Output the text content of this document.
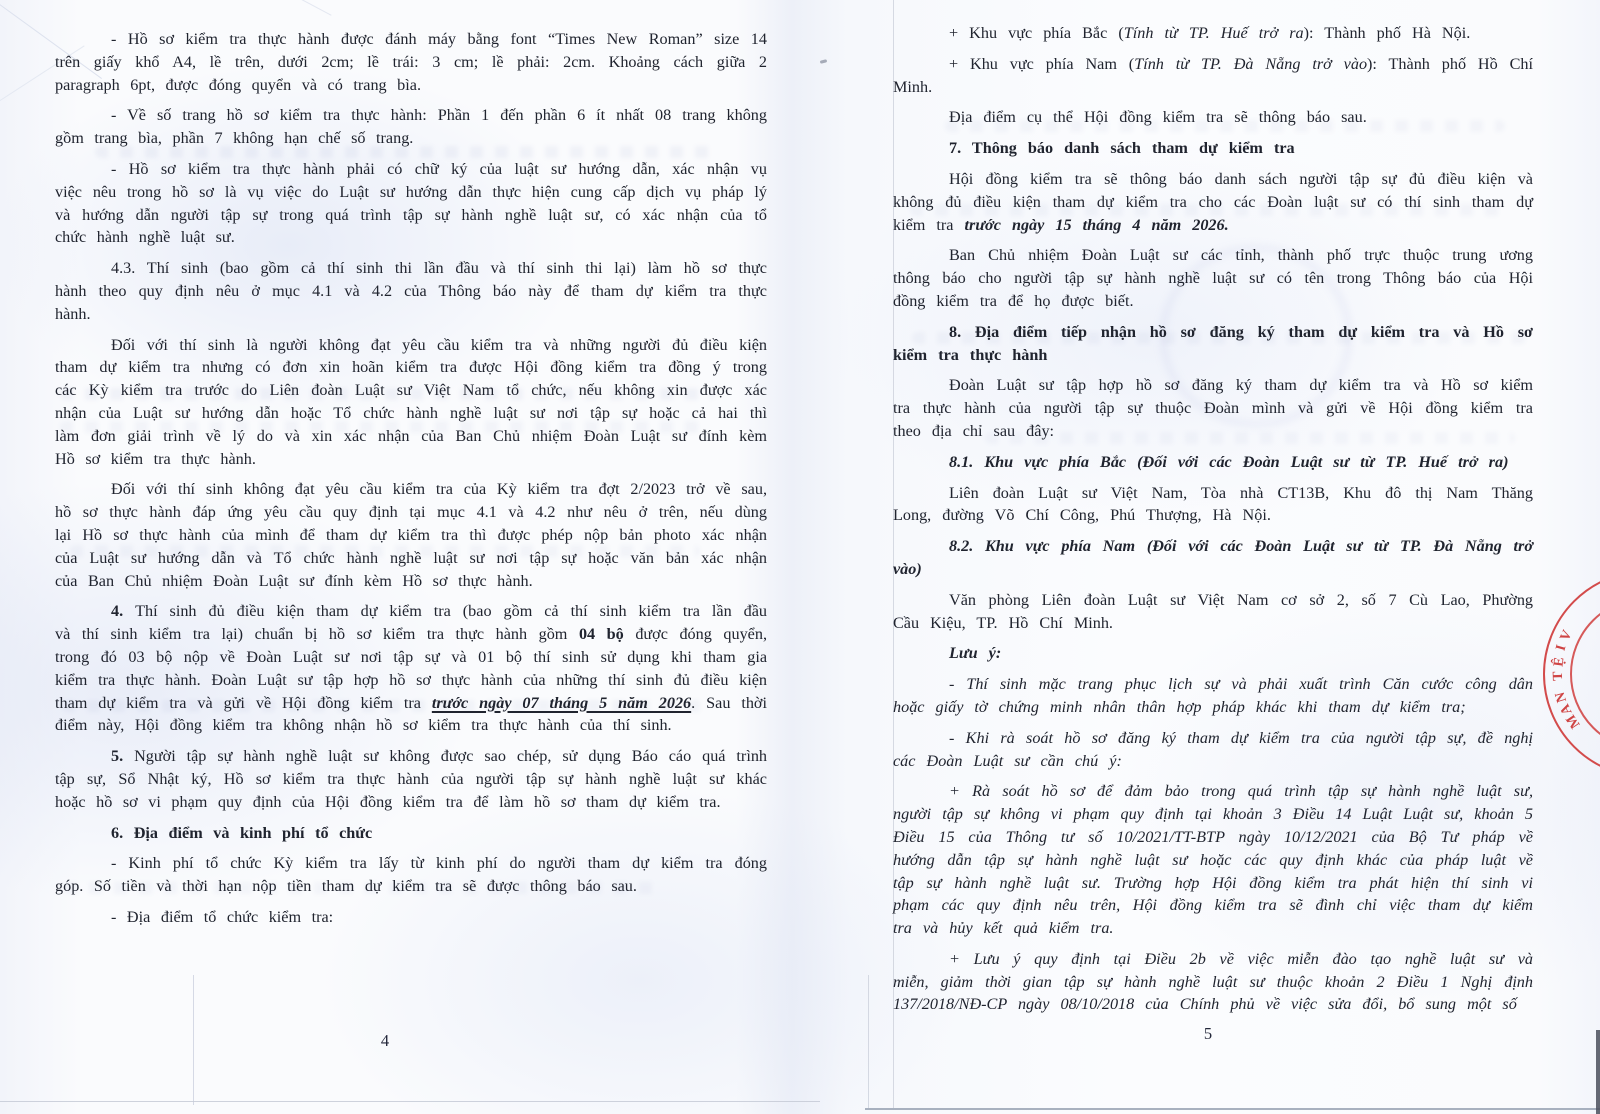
- Hồ sơ kiểm tra thực hành được đánh máy bằng font “Times New Roman” size 14 trên giấy khổ A4, lề trên, dưới 2cm; lề trái: 3 cm; lề phải: 2cm. Khoảng cách giữa 2 paragraph 6pt, được đóng quyển và có trang bìa.

- Về số trang hồ sơ kiểm tra thực hành: Phần 1 đến phần 6 ít nhất 08 trang không gồm trang bìa, phần 7 không hạn chế số trang.

- Hồ sơ kiểm tra thực hành phải có chữ ký của luật sư hướng dẫn, xác nhận vụ việc nêu trong hồ sơ là vụ việc do Luật sư hướng dẫn thực hiện cung cấp dịch vụ pháp lý và hướng dẫn người tập sự trong quá trình tập sự hành nghề luật sư, có xác nhận của tổ chức hành nghề luật sư.

4.3. Thí sinh (bao gồm cả thí sinh thi lần đầu và thí sinh thi lại) làm hồ sơ thực hành theo quy định nêu ở mục 4.1 và 4.2 của Thông báo này để tham dự kiểm tra thực hành.

Đối với thí sinh là người không đạt yêu cầu kiểm tra và những người đủ điều kiện tham dự kiểm tra nhưng có đơn xin hoãn kiểm tra được Hội đồng kiểm tra đồng ý trong các Kỳ kiểm tra trước do Liên đoàn Luật sư Việt Nam tổ chức, nếu không xin được xác nhận của Luật sư hướng dẫn hoặc Tổ chức hành nghề luật sư nơi tập sự hoặc cả hai thì làm đơn giải trình về lý do và xin xác nhận của Ban Chủ nhiệm Đoàn Luật sư đính kèm Hồ sơ kiểm tra thực hành.

Đối với thí sinh không đạt yêu cầu kiểm tra của Kỳ kiểm tra đợt 2/2023 trở về sau, hồ sơ thực hành đáp ứng yêu cầu quy định tại mục 4.1 và 4.2 như nêu ở trên, nếu dùng lại Hồ sơ thực hành của mình để tham dự kiểm tra thì được phép nộp bản photo xác nhận của Luật sư hướng dẫn và Tổ chức hành nghề luật sư nơi tập sự hoặc văn bản xác nhận của Ban Chủ nhiệm Đoàn Luật sư đính kèm Hồ sơ thực hành.

4. Thí sinh đủ điều kiện tham dự kiểm tra (bao gồm cả thí sinh kiểm tra lần đầu và thí sinh kiểm tra lại) chuẩn bị hồ sơ kiểm tra thực hành gồm 04 bộ được đóng quyển, trong đó 03 bộ nộp về Đoàn Luật sư nơi tập sự và 01 bộ thí sinh sử dụng khi tham gia kiểm tra thực hành. Đoàn Luật sư tập hợp hồ sơ thực hành của những thí sinh đủ điều kiện tham dự kiểm tra và gửi về Hội đồng kiểm tra trước ngày 07 tháng 5 năm 2026. Sau thời điểm này, Hội đồng kiểm tra không nhận hồ sơ kiểm tra thực hành của thí sinh.

5. Người tập sự hành nghề luật sư không được sao chép, sử dụng Báo cáo quá trình tập sự, Sổ Nhật ký, Hồ sơ kiểm tra thực hành của người tập sự hành nghề luật sư khác hoặc hồ sơ vi phạm quy định của Hội đồng kiểm tra để làm hồ sơ tham dự kiểm tra.

6. Địa điểm và kinh phí tổ chức

- Kinh phí tổ chức Kỳ kiểm tra lấy từ kinh phí do người tham dự kiểm tra đóng góp. Số tiền và thời hạn nộp tiền tham dự kiểm tra sẽ được thông báo sau.

- Địa điểm tổ chức kiểm tra:

4

+ Khu vực phía Bắc (Tính từ TP. Huế trở ra): Thành phố Hà Nội.

+ Khu vực phía Nam (Tính từ TP. Đà Nẵng trở vào): Thành phố Hồ Chí Minh.

Địa điểm cụ thể Hội đồng kiểm tra sẽ thông báo sau.

7. Thông báo danh sách tham dự kiểm tra

Hội đồng kiểm tra sẽ thông báo danh sách người tập sự đủ điều kiện và không đủ điều kiện tham dự kiểm tra cho các Đoàn luật sư có thí sinh tham dự kiểm tra trước ngày 15 tháng 4 năm 2026.

Ban Chủ nhiệm Đoàn Luật sư các tỉnh, thành phố trực thuộc trung ương thông báo cho người tập sự hành nghề luật sư có tên trong Thông báo của Hội đồng kiểm tra để họ được biết.

8. Địa điểm tiếp nhận hồ sơ đăng ký tham dự kiểm tra và Hồ sơ kiểm tra thực hành

Đoàn Luật sư tập hợp hồ sơ đăng ký tham dự kiểm tra và Hồ sơ kiểm tra thực hành của người tập sự thuộc Đoàn mình và gửi về Hội đồng kiểm tra theo địa chỉ sau đây:

8.1. Khu vực phía Bắc (Đối với các Đoàn Luật sư từ TP. Huế trở ra)

Liên đoàn Luật sư Việt Nam, Tòa nhà CT13B, Khu đô thị Nam Thăng Long, đường Võ Chí Công, Phú Thượng, Hà Nội.

8.2. Khu vực phía Nam (Đối với các Đoàn Luật sư từ TP. Đà Nẵng trở vào)

Văn phòng Liên đoàn Luật sư Việt Nam cơ sở 2, số 7 Cù Lao, Phường Cầu Kiệu, TP. Hồ Chí Minh.

Lưu ý:

- Thí sinh mặc trang phục lịch sự và phải xuất trình Căn cước công dân hoặc giấy tờ chứng minh nhân thân hợp pháp khác khi tham dự kiểm tra;

- Khi rà soát hồ sơ đăng ký tham dự kiểm tra của người tập sự, đề nghị các Đoàn Luật sư cần chú ý:

+ Rà soát hồ sơ để đảm bảo trong quá trình tập sự hành nghề luật sư, người tập sự không vi phạm quy định tại khoản 3 Điều 14 Luật Luật sư, khoản 5 Điều 15 của Thông tư số 10/2021/TT-BTP ngày 10/12/2021 của Bộ Tư pháp về hướng dẫn tập sự hành nghề luật sư hoặc các quy định khác của pháp luật về tập sự hành nghề luật sư. Trường hợp Hội đồng kiểm tra phát hiện thí sinh vi phạm các quy định nêu trên, Hội đồng kiểm tra sẽ đình chỉ việc tham dự kiểm tra và hủy kết quả kiểm tra.

+ Lưu ý quy định tại Điều 2b về việc miễn đào tạo nghề luật sư và miễn, giảm thời gian tập sự hành nghề luật sư thuộc khoản 2 Điều 1 Nghị định 137/2018/NĐ-CP ngày 08/10/2018 của Chính phủ về việc sửa đổi, bổ sung một số

5
V
I
Ệ
T
N
A
M
